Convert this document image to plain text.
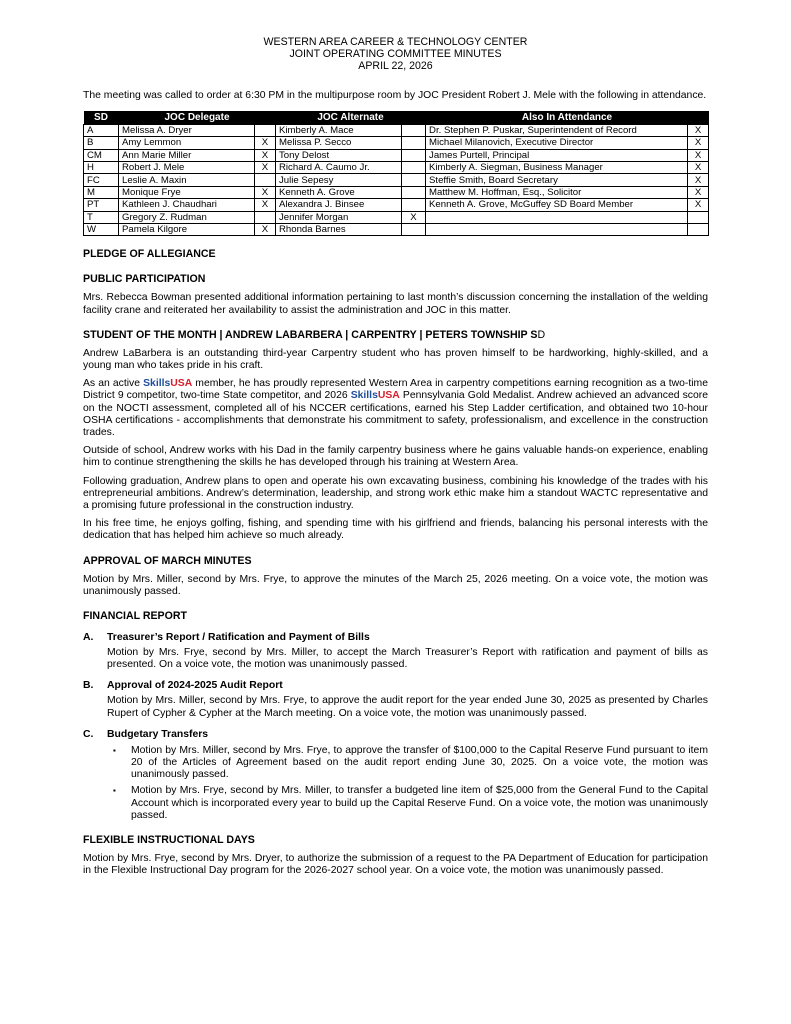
WESTERN AREA CAREER & TECHNOLOGY CENTER
JOINT OPERATING COMMITTEE MINUTES
APRIL 22, 2026

The meeting was called to order at 6:30 PM in the multipurpose room by JOC President Robert J. Mele with the following in attendance.

SD	JOC Delegate		JOC Alternate		Also In Attendance	
A	Melissa A. Dryer		Kimberly A. Mace		Dr. Stephen P. Puskar, Superintendent of Record	X
B	Amy Lemmon	X	Melissa P. Secco		Michael Milanovich, Executive Director	X
CM	Ann Marie Miller	X	Tony Delost		James Purtell, Principal	X
H	Robert J. Mele	X	Richard A. Caumo Jr.		Kimberly A. Siegman, Business Manager	X
FC	Leslie A. Maxin		Julie Sepesy		Steffie Smith, Board Secretary	X
M	Monique Frye	X	Kenneth A. Grove		Matthew M. Hoffman, Esq., Solicitor	X
PT	Kathleen J. Chaudhari	X	Alexandra J. Binsee		Kenneth A. Grove, McGuffey SD Board Member	X
T	Gregory Z. Rudman		Jennifer Morgan	X		
W	Pamela Kilgore	X	Rhonda Barnes			
PLEDGE OF ALLEGIANCE
PUBLIC PARTICIPATION

Mrs. Rebecca Bowman presented additional information pertaining to last month’s discussion concerning the installation of the welding facility crane and reiterated her availability to assist the administration and JOC in this matter.

STUDENT OF THE MONTH | ANDREW LABARBERA | CARPENTRY | PETERS TOWNSHIP SD

Andrew LaBarbera is an outstanding third-year Carpentry student who has proven himself to be hardworking, highly-skilled, and a young man who takes pride in his craft.

As an active SkillsUSA member, he has proudly represented Western Area in carpentry competitions earning recognition as a two-time District 9 competitor, two-time State competitor, and 2026 SkillsUSA Pennsylvania Gold Medalist. Andrew achieved an advanced score on the NOCTI assessment, completed all of his NCCER certifications, earned his Step Ladder certification, and obtained two 10-hour OSHA certifications - accomplishments that demonstrate his commitment to safety, professionalism, and excellence in the construction trades.

Outside of school, Andrew works with his Dad in the family carpentry business where he gains valuable hands-on experience, enabling him to continue strengthening the skills he has developed through his training at Western Area.

Following graduation, Andrew plans to open and operate his own excavating business, combining his knowledge of the trades with his entrepreneurial ambitions. Andrew’s determination, leadership, and strong work ethic make him a standout WACTC representative and a promising future professional in the construction industry.

In his free time, he enjoys golfing, fishing, and spending time with his girlfriend and friends, balancing his personal interests with the dedication that has helped him achieve so much already.

APPROVAL OF MARCH MINUTES

Motion by Mrs. Miller, second by Mrs. Frye, to approve the minutes of the March 25, 2026 meeting. On a voice vote, the motion was unanimously passed.

FINANCIAL REPORT
A.	Treasurer’s Report / Ratification and Payment of Bills

Motion by Mrs. Frye, second by Mrs. Miller, to accept the March Treasurer’s Report with ratification and payment of bills as presented. On a voice vote, the motion was unanimously passed.

B.	Approval of 2024-2025 Audit Report

Motion by Mrs. Miller, second by Mrs. Frye, to approve the audit report for the year ended June 30, 2025 as presented by Charles Rupert of Cypher & Cypher at the March meeting. On a voice vote, the motion was unanimously passed.

C.	Budgetary Transfers
▪ Motion by Mrs. Miller, second by Mrs. Frye, to approve the transfer of $100,000 to the Capital Reserve Fund pursuant to item 20 of the Articles of Agreement based on the audit report ending June 30, 2025. On a voice vote, the motion was unanimously passed.

▪ Motion by Mrs. Frye, second by Mrs. Miller, to transfer a budgeted line item of $25,000 from the General Fund to the Capital Account which is incorporated every year to build up the Capital Reserve Fund. On a voice vote, the motion was unanimously passed.

FLEXIBLE INSTRUCTIONAL DAYS

Motion by Mrs. Frye, second by Mrs. Dryer, to authorize the submission of a request to the PA Department of Education for participation in the Flexible Instructional Day program for the 2026-2027 school year. On a voice vote, the motion was unanimously passed.
